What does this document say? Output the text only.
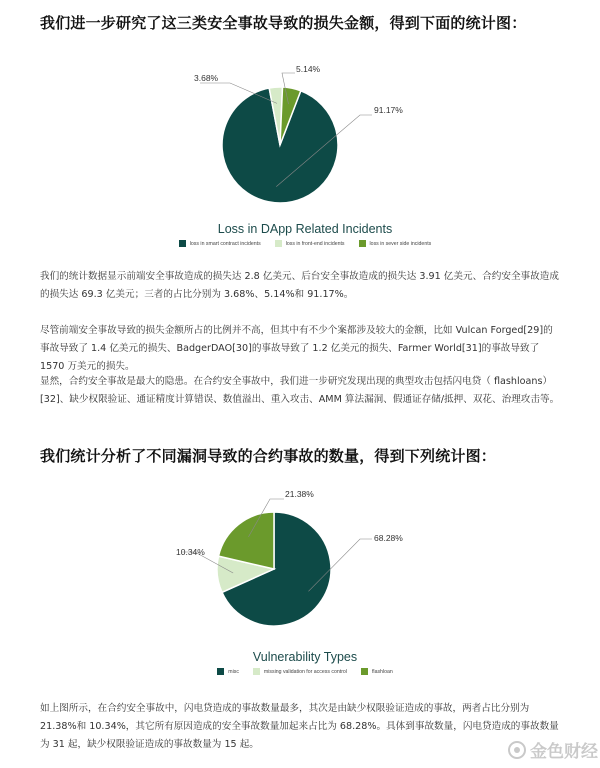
我们进一步研究了这三类安全事故导致的损失金额，得到下面的统计图：
91.17%
3.68%
5.14%
Loss in DApp Related Incidents
loss in smart contract incidents	loss in front-end incidents	loss in sever side incidents
我们的统计数据显示前端安全事故造成的损失达 2.8 亿美元、后台安全事故造成的损失达 3.91 亿美元、合约安全事故造成的损失达 69.3 亿美元；三者的占比分别为 3.68%、5.14%和 91.17%。
尽管前端安全事故导致的损失金额所占的比例并不高，但其中有不少个案都涉及较大的金额，比如 Vulcan Forged[29]的事故导致了 1.4 亿美元的损失、BadgerDAO[30]的事故导致了 1.2 亿美元的损失、Farmer World[31]的事故导致了 1570 万美元的损失。
显然，合约安全事故是最大的隐患。在合约安全事故中，我们进一步研究发现出现的典型攻击包括闪电贷（ flashloans）[32]、缺少权限验证、通证精度计算错误、数值溢出、重入攻击、AMM 算法漏洞、假通证存储/抵押、双花、治理攻击等。
我们统计分析了不同漏洞导致的合约事故的数量，得到下列统计图：
68.28%
10.34%
21.38%
Vulnerability Types
misc	missing validation for access control	flashloan
如上图所示，在合约安全事故中，闪电贷造成的事故数量最多，其次是由缺少权限验证造成的事故，两者占比分别为 21.38%和 10.34%，其它所有原因造成的安全事故数量加起来占比为 68.28%。具体到事故数量，闪电贷造成的事故数量为 31 起，缺少权限验证造成的事故数量为 15 起。	金色财经
